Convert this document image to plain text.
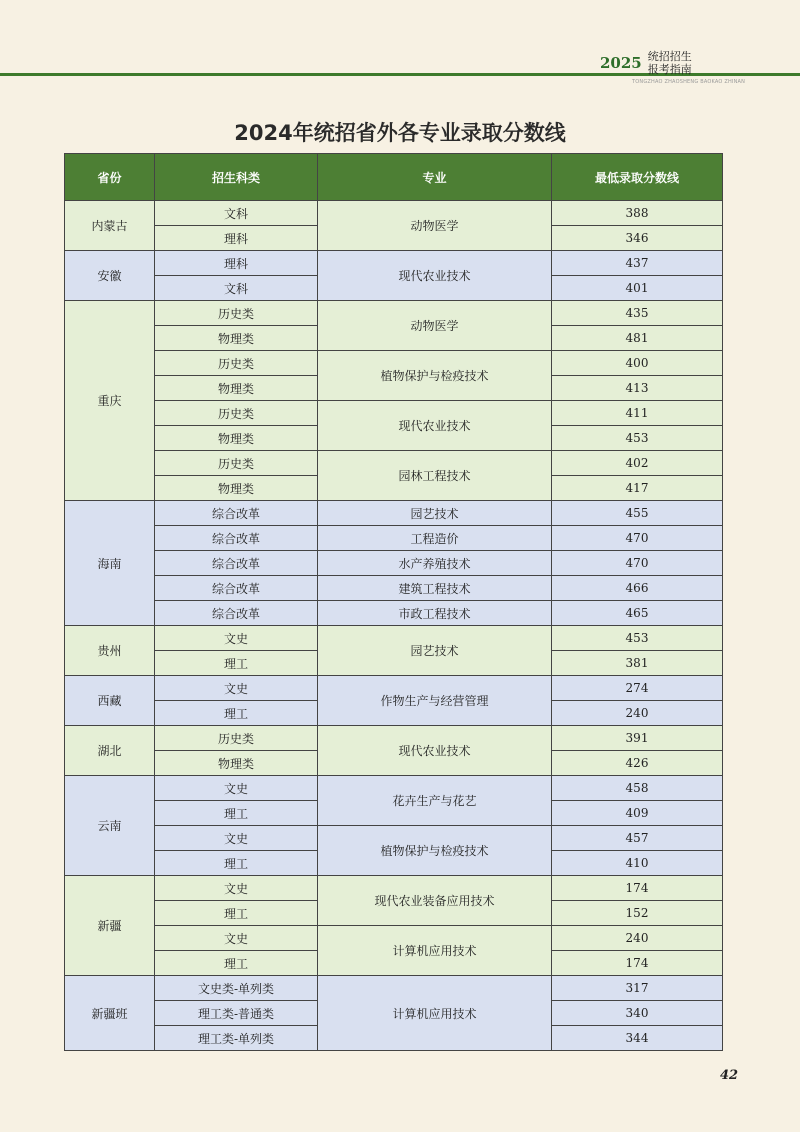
2025 统招招生
报考指南
TONGZHAO ZHAOSHENG BAOKAO ZHINAN
2024年统招省外各专业录取分数线
省份	招生科类	专业	最低录取分数线
内蒙古	文科	动物医学	388
	理科		346
安徽	理科	现代农业技术	437
	文科		401
重庆	历史类	动物医学	435
	物理类		481
	历史类	植物保护与检疫技术	400
	物理类		413
	历史类	现代农业技术	411
	物理类		453
	历史类	园林工程技术	402
	物理类		417
海南	综合改革	园艺技术	455
	综合改革	工程造价	470
	综合改革	水产养殖技术	470
	综合改革	建筑工程技术	466
	综合改革	市政工程技术	465
贵州	文史	园艺技术	453
	理工		381
西藏	文史	作物生产与经营管理	274
	理工		240
湖北	历史类	现代农业技术	391
	物理类		426
云南	文史	花卉生产与花艺	458
	理工		409
	文史	植物保护与检疫技术	457
	理工		410
新疆	文史	现代农业装备应用技术	174
	理工		152
	文史	计算机应用技术	240
	理工		174
新疆班	文史类-单列类	计算机应用技术	317
	理工类-普通类		340
	理工类-单列类		344
42
